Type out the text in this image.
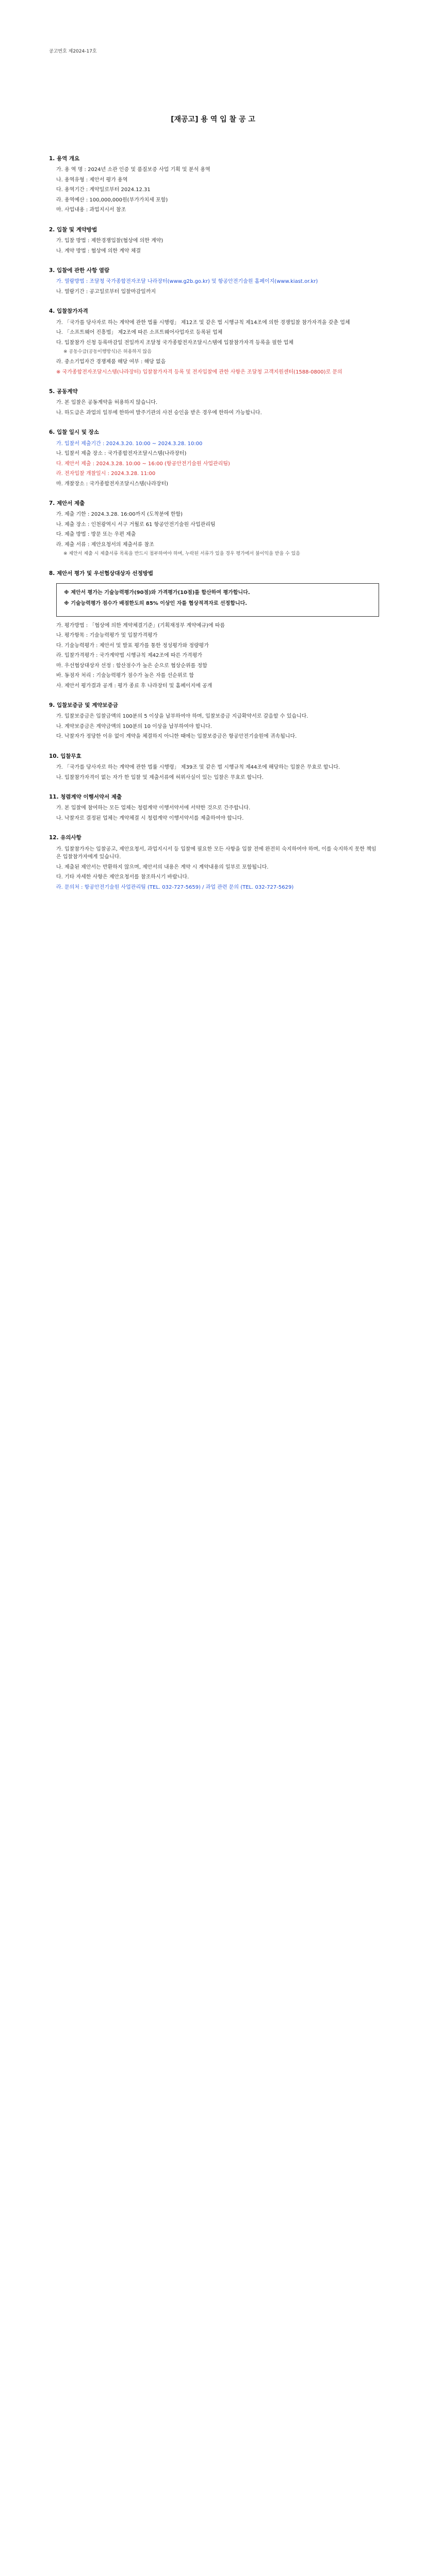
공고번호 제2024-17호
[재공고] 용 역 입 찰 공 고
1. 용역 개요
가. 용 역 명 : 2024년 소관 인증 및 품질보증 사업 기획 및 분석 용역
나. 용역유형 : 제안서 평가 용역
다. 용역기간 : 계약일로부터 2024.12.31
라. 용역예산 : 100,000,000원(부가가치세 포함)
마. 사업내용 : 과업지시서 참조
2. 입찰 및 계약방법
가. 입찰 방법 : 제한경쟁입찰(협상에 의한 계약)
나. 계약 방법 : 협상에 의한 계약 체결
3. 입찰에 관한 사항 열람
가. 열람방법 : 조달청 국가종합전자조달 나라장터(www.g2b.go.kr) 및 항공안전기술원 홈페이지(www.kiast.or.kr)
나. 열람기간 : 공고일로부터 입찰마감일까지
4. 입찰참가자격
가. 「국가를 당사자로 하는 계약에 관한 법률 시행령」 제12조 및 같은 법 시행규칙 제14조에 의한 경쟁입찰 참가자격을 갖춘 업체
나. 「소프트웨어 진흥법」 제2조에 따른 소프트웨어사업자로 등록된 업체
다. 입찰참가 신청 등록마감일 전일까지 조달청 국가종합전자조달시스템에 입찰참가자격 등록을 필한 업체
※ 공동수급(공동이행방식)은 허용하지 않음
라. 중소기업자간 경쟁제품 해당 여부 : 해당 없음
※ 국가종합전자조달시스템(나라장터) 입찰참가자격 등록 및 전자입찰에 관한 사항은 조달청 고객지원센터(1588-0800)로 문의
5. 공동계약
가. 본 입찰은 공동계약을 허용하지 않습니다.
나. 하도급은 과업의 일부에 한하여 발주기관의 사전 승인을 받은 경우에 한하여 가능합니다.
6. 입찰 일시 및 장소
가. 입찰서 제출기간 : 2024.3.20. 10:00 ~ 2024.3.28. 10:00
나. 입찰서 제출 장소 : 국가종합전자조달시스템(나라장터)
다. 제안서 제출 : 2024.3.28. 10:00 ~ 16:00 (항공안전기술원 사업관리팀)
라. 전자입찰 개찰일시 : 2024.3.28. 11:00
마. 개찰장소 : 국가종합전자조달시스템(나라장터)
7. 제안서 제출
가. 제출 기한 : 2024.3.28. 16:00까지 (도착분에 한함)
나. 제출 장소 : 인천광역시 서구 거월로 61 항공안전기술원 사업관리팀
다. 제출 방법 : 방문 또는 우편 제출
라. 제출 서류 : 제안요청서의 제출서류 참조
※ 제안서 제출 시 제출서류 목록을 반드시 첨부하여야 하며, 누락된 서류가 있을 경우 평가에서 불이익을 받을 수 있음
8. 제안서 평가 및 우선협상대상자 선정방법
※ 제안서 평가는 기술능력평가(90점)와 가격평가(10점)를 합산하여 평가합니다.
※ 기술능력평가 점수가 배점한도의 85% 이상인 자를 협상적격자로 선정합니다.
가. 평가방법 : 「협상에 의한 계약체결기준」(기획재정부 계약예규)에 따름
나. 평가항목 : 기술능력평가 및 입찰가격평가
다. 기술능력평가 : 제안서 및 발표 평가를 통한 정성평가와 정량평가
라. 입찰가격평가 : 국가계약법 시행규칙 제42조에 따른 가격평가
마. 우선협상대상자 선정 : 합산점수가 높은 순으로 협상순위를 정함
바. 동점자 처리 : 기술능력평가 점수가 높은 자를 선순위로 함
사. 제안서 평가결과 공개 : 평가 종료 후 나라장터 및 홈페이지에 공개
9. 입찰보증금 및 계약보증금
가. 입찰보증금은 입찰금액의 100분의 5 이상을 납부하여야 하며, 입찰보증금 지급확약서로 갈음할 수 있습니다.
나. 계약보증금은 계약금액의 100분의 10 이상을 납부하여야 합니다.
다. 낙찰자가 정당한 이유 없이 계약을 체결하지 아니한 때에는 입찰보증금은 항공안전기술원에 귀속됩니다.
10. 입찰무효
가. 「국가를 당사자로 하는 계약에 관한 법률 시행령」 제39조 및 같은 법 시행규칙 제44조에 해당하는 입찰은 무효로 합니다.
나. 입찰참가자격이 없는 자가 한 입찰 및 제출서류에 허위사실이 있는 입찰은 무효로 합니다.
11. 청렴계약 이행서약서 제출
가. 본 입찰에 참여하는 모든 업체는 청렴계약 이행서약서에 서약한 것으로 간주합니다.
나. 낙찰자로 결정된 업체는 계약체결 시 청렴계약 이행서약서를 제출하여야 합니다.
12. 유의사항
가. 입찰참가자는 입찰공고, 제안요청서, 과업지시서 등 입찰에 필요한 모든 사항을 입찰 전에 완전히 숙지하여야 하며, 이를 숙지하지 못한 책임은 입찰참가자에게 있습니다.
나. 제출된 제안서는 반환하지 않으며, 제안서의 내용은 계약 시 계약내용의 일부로 포함됩니다.
다. 기타 자세한 사항은 제안요청서를 참조하시기 바랍니다.
라. 문의처 : 항공안전기술원 사업관리팀 (TEL. 032-727-5659) / 과업 관련 문의 (TEL. 032-727-5629)
